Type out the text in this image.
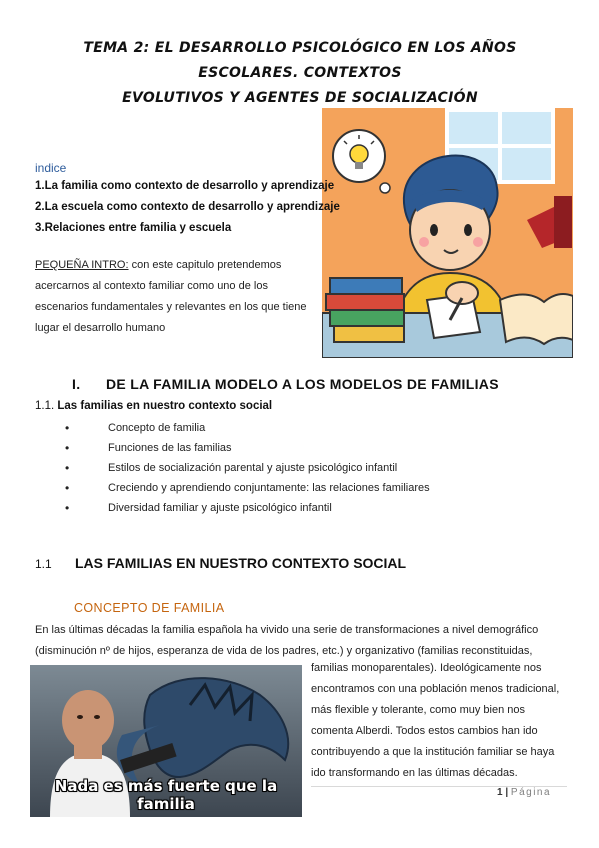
TEMA 2: EL DESARROLLO PSICOLÓGICO EN LOS AÑOS ESCOLARES. CONTEXTOS
EVOLUTIVOS Y AGENTES DE SOCIALIZACIÓN
indice
1.La familia como contexto de desarrollo y aprendizaje
2.La escuela como contexto de desarrollo y aprendizaje
3.Relaciones entre familia y escuela
PEQUEÑA INTRO: con este capitulo pretendemos acercarnos al contexto familiar como uno de los escenarios fundamentales y relevantes en los que tiene lugar el desarrollo humano
I. DE LA FAMILIA MODELO A LOS MODELOS DE FAMILIAS
1.1. Las familias en nuestro contexto social
• Concepto de familia
• Funciones de las familias
• Estilos de socialización parental y ajuste psicológico infantil
• Creciendo y aprendiendo conjuntamente: las relaciones familiares
• Diversidad familiar y ajuste psicológico infantil
1.1 LAS FAMILIAS EN NUESTRO CONTEXTO SOCIAL
CONCEPTO DE FAMILIA
En las últimas décadas la familia española ha vivido una serie de transformaciones a nivel demográfico (disminución nº de hijos, esperanza de vida de los padres, etc.) y organizativo (familias reconstituidas,
Nada es más fuerte que la familia
familias monoparentales). Ideológicamente nos encontramos con una población menos tradicional, más flexible y tolerante, como muy bien nos comenta Alberdi. Todos estos cambios han ido contribuyendo a que la institución familiar se haya ido transformando en las últimas décadas.
1 | Página
